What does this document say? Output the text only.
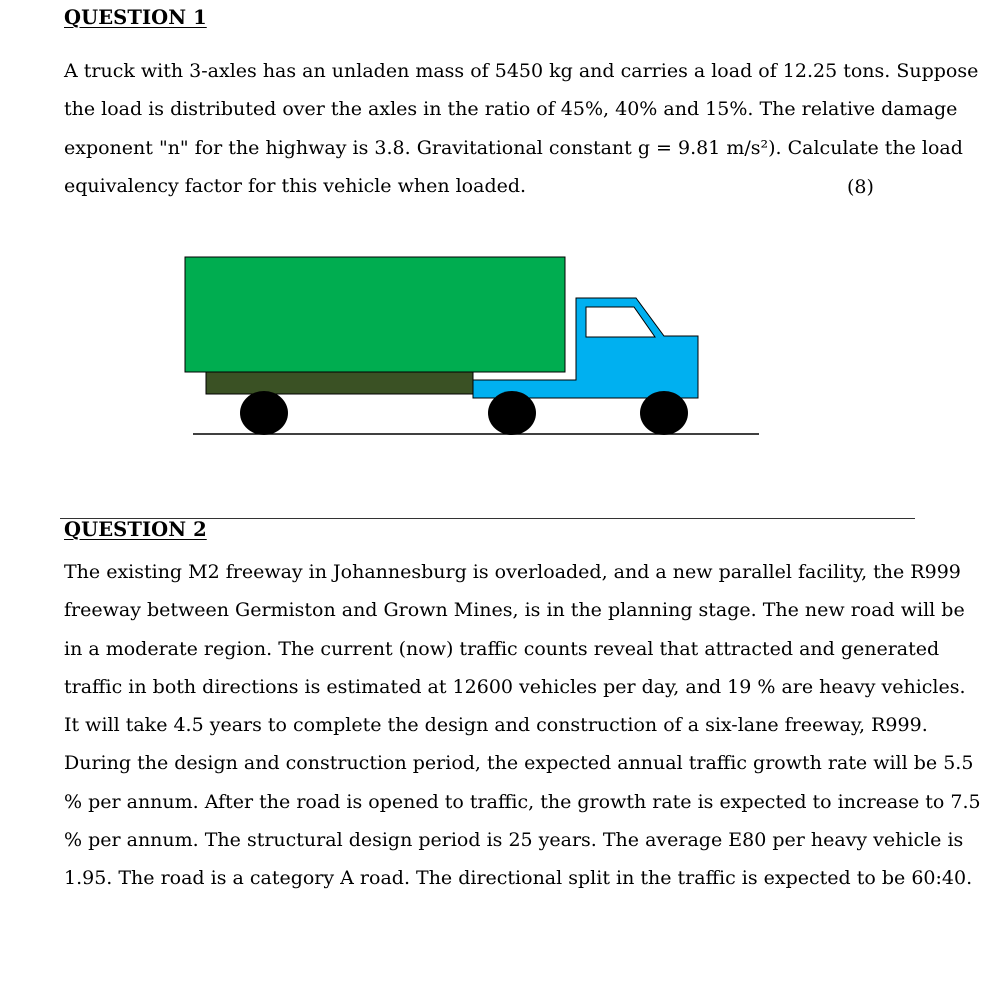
QUESTION 1
A truck with 3-axles has an unladen mass of 5450 kg and carries a load of 12.25 tons. Suppose
the load is distributed over the axles in the ratio of 45%, 40% and 15%. The relative damage
exponent "n" for the highway is 3.8. Gravitational constant g = 9.81 m/s²). Calculate the load
equivalency factor for this vehicle when loaded.	(8)
QUESTION 2
The existing M2 freeway in Johannesburg is overloaded, and a new parallel facility, the R999
freeway between Germiston and Grown Mines, is in the planning stage. The new road will be
in a moderate region. The current (now) traffic counts reveal that attracted and generated
traffic in both directions is estimated at 12600 vehicles per day, and 19 % are heavy vehicles.
It will take 4.5 years to complete the design and construction of a six-lane freeway, R999.
During the design and construction period, the expected annual traffic growth rate will be 5.5
% per annum. After the road is opened to traffic, the growth rate is expected to increase to 7.5
% per annum. The structural design period is 25 years. The average E80 per heavy vehicle is
1.95. The road is a category A road. The directional split in the traffic is expected to be 60:40.
